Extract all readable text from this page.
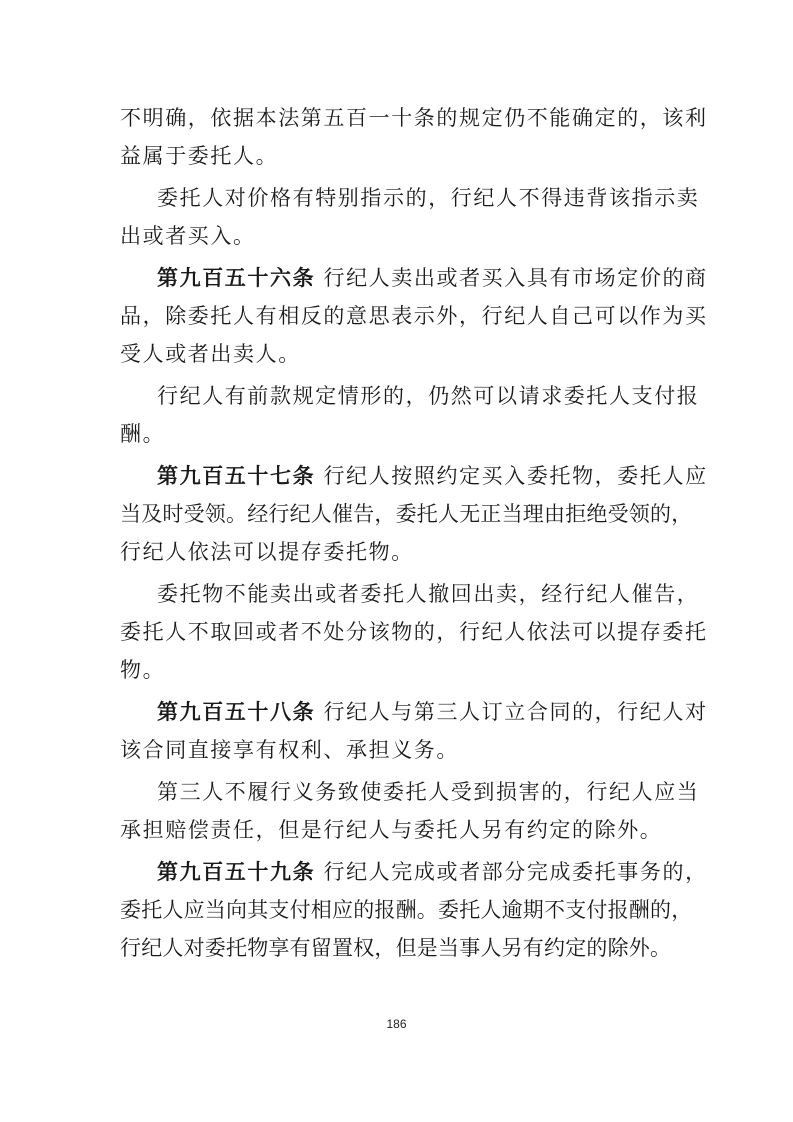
不明确，依据本法第五百一十条的规定仍不能确定的，该利
益属于委托人。
委托人对价格有特别指示的，行纪人不得违背该指示卖
出或者买入。
第九百五十六条 行纪人卖出或者买入具有市场定价的商
品，除委托人有相反的意思表示外，行纪人自己可以作为买
受人或者出卖人。
行纪人有前款规定情形的，仍然可以请求委托人支付报
酬。
第九百五十七条 行纪人按照约定买入委托物，委托人应
当及时受领。经行纪人催告，委托人无正当理由拒绝受领的，
行纪人依法可以提存委托物。
委托物不能卖出或者委托人撤回出卖，经行纪人催告，
委托人不取回或者不处分该物的，行纪人依法可以提存委托
物。
第九百五十八条 行纪人与第三人订立合同的，行纪人对
该合同直接享有权利、承担义务。
第三人不履行义务致使委托人受到损害的，行纪人应当
承担赔偿责任，但是行纪人与委托人另有约定的除外。
第九百五十九条 行纪人完成或者部分完成委托事务的，
委托人应当向其支付相应的报酬。委托人逾期不支付报酬的，
行纪人对委托物享有留置权，但是当事人另有约定的除外。
186
